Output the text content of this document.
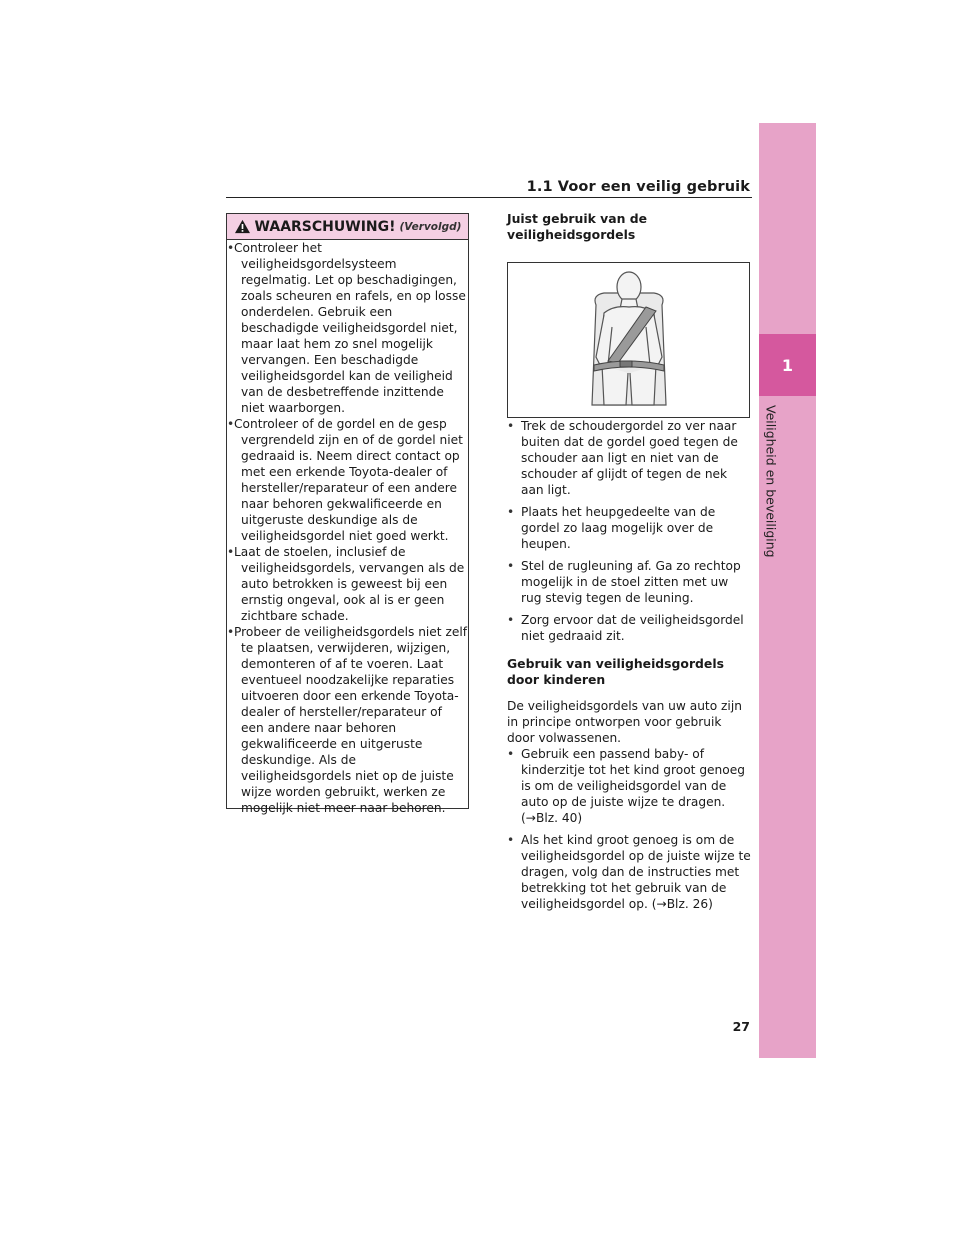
1.1 Voor een veilig gebruik
1
Veiligheid en beveiliging
WAARSCHUWING! (Vervolgd)
• Controleer het veiligheidsgordelsysteem regelmatig. Let op beschadigingen, zoals scheuren en rafels, en op losse onderdelen. Gebruik een beschadigde veiligheidsgordel niet, maar laat hem zo snel mogelijk vervangen. Een beschadigde veiligheidsgordel kan de veiligheid van de desbetreffende inzittende niet waarborgen.
• Controleer of de gordel en de gesp vergrendeld zijn en of de gordel niet gedraaid is. Neem direct contact op met een erkende Toyota-dealer of hersteller/reparateur of een andere naar behoren gekwalificeerde en uitgeruste deskundige als de veiligheidsgordel niet goed werkt.
• Laat de stoelen, inclusief de veiligheidsgordels, vervangen als de auto betrokken is geweest bij een ernstig ongeval, ook al is er geen zichtbare schade.
• Probeer de veiligheidsgordels niet zelf te plaatsen, verwijderen, wijzigen, demonteren of af te voeren. Laat eventueel noodzakelijke reparaties uitvoeren door een erkende Toyota-dealer of hersteller/reparateur of een andere naar behoren gekwalificeerde en uitgeruste deskundige. Als de veiligheidsgordels niet op de juiste wijze worden gebruikt, werken ze mogelijk niet meer naar behoren.

Juist gebruik van de veiligheidsgordels

• Trek de schoudergordel zo ver naar buiten dat de gordel goed tegen de schouder aan ligt en niet van de schouder af glijdt of tegen de nek aan ligt.
• Plaats het heupgedeelte van de gordel zo laag mogelijk over de heupen.
• Stel de rugleuning af. Ga zo rechtop mogelijk in de stoel zitten met uw rug stevig tegen de leuning.
• Zorg ervoor dat de veiligheidsgordel niet gedraaid zit.

Gebruik van veiligheidsgordels door kinderen

De veiligheidsgordels van uw auto zijn in principe ontworpen voor gebruik door volwassenen.

• Gebruik een passend baby- of kinderzitje tot het kind groot genoeg is om de veiligheidsgordel van de auto op de juiste wijze te dragen. (→Blz. 40)
• Als het kind groot genoeg is om de veiligheidsgordel op de juiste wijze te dragen, volg dan de instructies met betrekking tot het gebruik van de veiligheidsgordel op. (→Blz. 26)
27
